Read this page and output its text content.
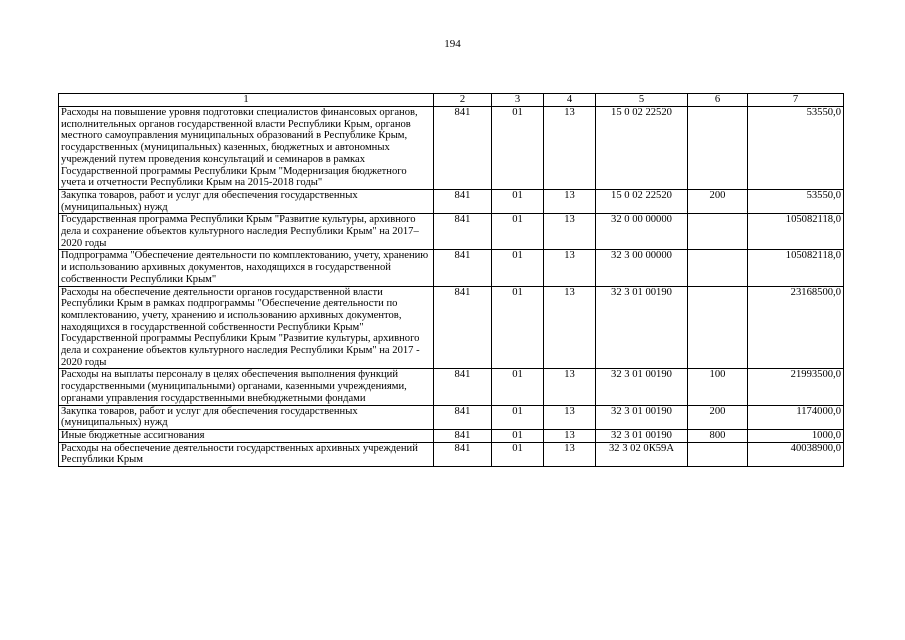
194
1	2	3	4	5	6	7
Расходы на повышение уровня подготовки специалистов финансовых органов, исполнительных органов государственной власти Республики Крым, органов местного самоуправления муниципальных образований в Республике Крым, государственных (муниципальных) казенных, бюджетных и автономных учреждений путем проведения консультаций и семинаров в рамках Государственной программы Республики Крым "Модернизация бюджетного учета и отчетности Республики Крым на 2015-2018 годы"	841	01	13	15 0 02 22520		53550,0
Закупка товаров, работ и услуг для обеспечения государственных (муниципальных) нужд	841	01	13	15 0 02 22520	200	53550,0
Государственная программа Республики Крым "Развитие культуры, архивного дела и сохранение объектов культурного наследия Республики Крым" на 2017–2020 годы	841	01	13	32 0 00 00000		105082118,0
Подпрограмма "Обеспечение деятельности по комплектованию, учету, хранению и использованию архивных документов, находящихся в государственной собственности Республики Крым"	841	01	13	32 3 00 00000		105082118,0
Расходы на обеспечение деятельности органов государственной власти Республики Крым в рамках подпрограммы "Обеспечение деятельности по комплектованию, учету, хранению и использованию архивных документов, находящихся в государственной собственности Республики Крым" Государственной программы Республики Крым "Развитие культуры, архивного дела и сохранение объектов культурного наследия Республики Крым" на 2017 - 2020 годы	841	01	13	32 3 01 00190		23168500,0
Расходы на выплаты персоналу в целях обеспечения выполнения функций государственными (муниципальными) органами, казенными учреждениями, органами управления государственными внебюджетными фондами	841	01	13	32 3 01 00190	100	21993500,0
Закупка товаров, работ и услуг для обеспечения государственных (муниципальных) нужд	841	01	13	32 3 01 00190	200	1174000,0
Иные бюджетные ассигнования	841	01	13	32 3 01 00190	800	1000,0
Расходы на обеспечение деятельности государственных архивных учреждений Республики Крым	841	01	13	32 3 02 0К59А		40038900,0
